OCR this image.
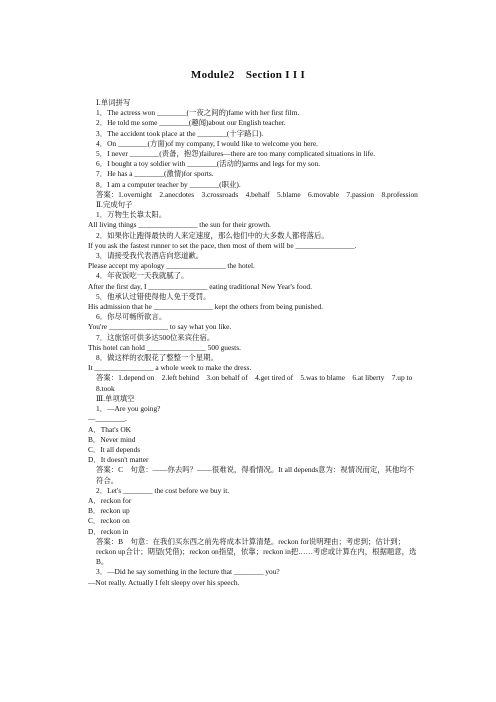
Module2　Section I I I
Ⅰ.单词拼写
1．The actress won ________(一夜之间的)fame with her first film.
2．He told me some ________(趣闻)about our English teacher.
3．The accident took place at the ________(十字路口).
4．On ________(方面)of my company, I would like to welcome you here.
5．I never ________(责备，抱怨)failures—there are too many complicated situations in life.
6．I bought a toy soldier with ________(活动的)arms and legs for my son.
7．He has a ________(激情)for sports.
8．I am a computer teacher by ________(职业).
答案：1.overnight　2.anecdotes　3.crossroads　4.behalf　5.blame　6.movable　7.passion　8.profession
Ⅱ.完成句子
1．万物生长靠太阳。
All living things ________________ the sun for their growth.
2．如果你让跑得最快的人来定速度，那么他们中的大多数人都将落后。
If you ask the fastest runner to set the pace, then most of them will be ________________.
3．请接受我代表酒店向您道歉。
Please accept my apology ________________ the hotel.
4．年夜饭吃一天我就腻了。
After the first day, I ________________ eating traditional New Year's food.
5．他承认过错使得他人免于受罚。
His admission that he ________________ kept the others from being punished.
6．你尽可畅所欲言。
You're ________________ to say what you like.
7．这旅馆可供多达500位来宾住宿。
This hotel can hold ________________ 500 guests.
8．做这样的衣服花了整整一个星期。
It ________________ a whole week to make the dress.
答案：1.depend on　2.left behind　3.on behalf of　4.get tired of　5.was to blame　6.at liberty　7.up to　8.took
Ⅲ.单项填空
1．—Are you going?
—________.
A．That's OK
B．Never mind
C．It all depends
D．It doesn't matter
答案：C　句意：——你去吗？——很难说，得看情况。It all depends意为：视情况而定，其他均不符合。
2．Let's ________ the cost before we buy it.
A．reckon for
B．reckon up
C．reckon on
D．reckon in
答案：B　句意：在我们买东西之前先将成本计算清楚。reckon for说明理由；考虑到；估计到；reckon up合计；期望(凭借)；reckon on指望，依靠；reckon in把……考虑或计算在内，根据题意，选B。
3．—Did he say something in the lecture that ________ you?
—Not really. Actually I felt sleepy over his speech.
